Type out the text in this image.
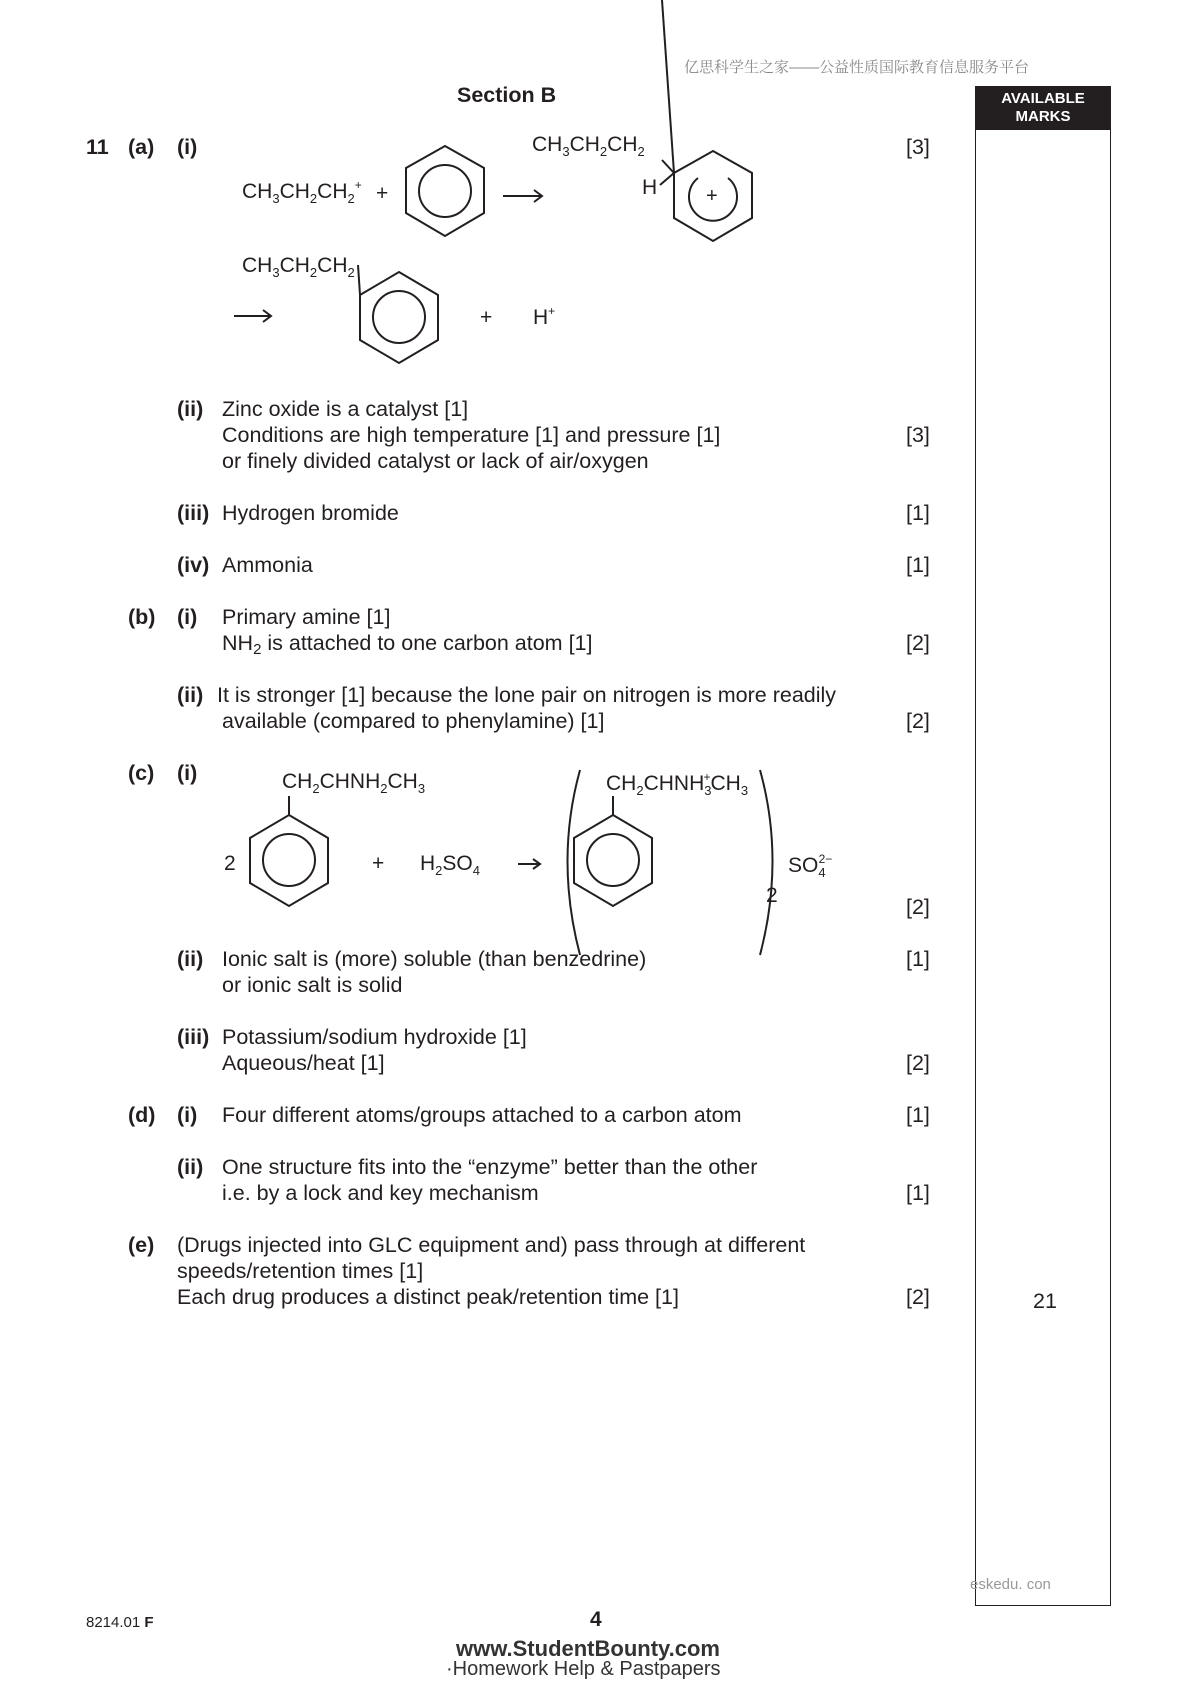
亿思科学生之家——公益性质国际教育信息服务平台
Section B	AVAILABLE
MARKS
21
11 (a) (i)	[3]
$CH_3CH_2CH_2^+$ +
$CH_3CH_2CH_2$
H
$CH_3CH_2CH_2$
+ H+
+
$CH_2CHNH_2CH_3$
2	+ $H_2SO_4$
$CH_2CHNH_3^+CH_3$
$SO_4^{2-}$
2
(ii) Zinc oxide is a catalyst [1]
Conditions are high temperature [1] and pressure [1]
or finely divided catalyst or lack of air/oxygen
[3]
(iii) Hydrogen bromide	[1]
(iv) Ammonia	[1]
(b) (i) Primary amine [1]
$NH_2$ is attached to one carbon atom [1]	[2]
(ii) It is stronger [1] because the lone pair on nitrogen is more readily
available (compared to phenylamine) [1]	[2]
(c) (i)
[2]
(ii) Ionic salt is (more) soluble (than benzedrine)
or ionic salt is solid
[1]
(iii) Potassium/sodium hydroxide [1]
Aqueous/heat [1]	[2]
(d) (i) Four different atoms/groups attached to a carbon atom	[1]
(ii) One structure fits into the “enzyme” better than the other
i.e. by a lock and key mechanism	[1]
(e) (Drugs injected into GLC equipment and) pass through at different
speeds/retention times [1]
Each drug produces a distinct peak/retention time [1]	[2]
eskedu. con
8214.01 F	4
www.StudentBounty.com
·Homework Help & Pastpapers
